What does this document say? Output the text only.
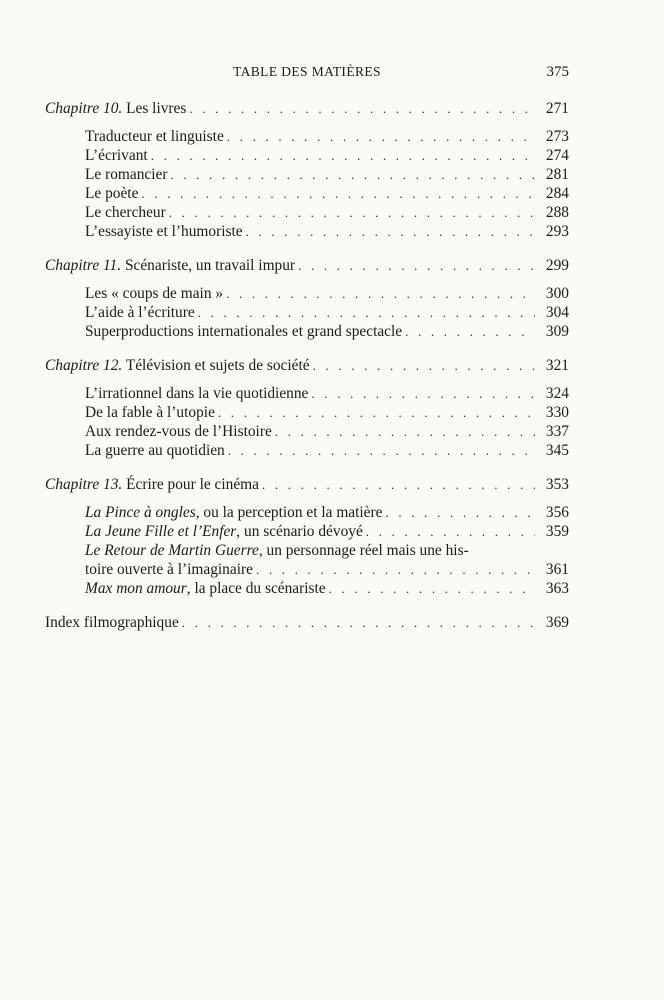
TABLE DES MATIÈRES	375
Chapitre 10. Les livres . . .	271
Traducteur et linguiste . . .	273
L’écrivant . . .	274
Le romancier . . .	281
Le poète . . .	284
Le chercheur . . .	288
L’essayiste et l’humoriste . . .	293
Chapitre 11. Scénariste, un travail impur . . .	299
Les « coups de main » . . .	300
L’aide à l’écriture . . .	304
Superproductions internationales et grand spectacle . . .	309
Chapitre 12. Télévision et sujets de société . . .	321
L’irrationnel dans la vie quotidienne . . .	324
De la fable à l’utopie . . .	330
Aux rendez-vous de l’Histoire . . .	337
La guerre au quotidien . . .	345
Chapitre 13. Écrire pour le cinéma . . .	353
La Pince à ongles , ou la perception et la matière . . .	356
La Jeune Fille et l’Enfer , un scénario dévoyé . . .	359
Le Retour de Martin Guerre, un personnage réel mais une his-
toire ouverte à l’imaginaire . . .	361
Max mon amour , la place du scénariste . . .	363
Index filmographique . . .	369
